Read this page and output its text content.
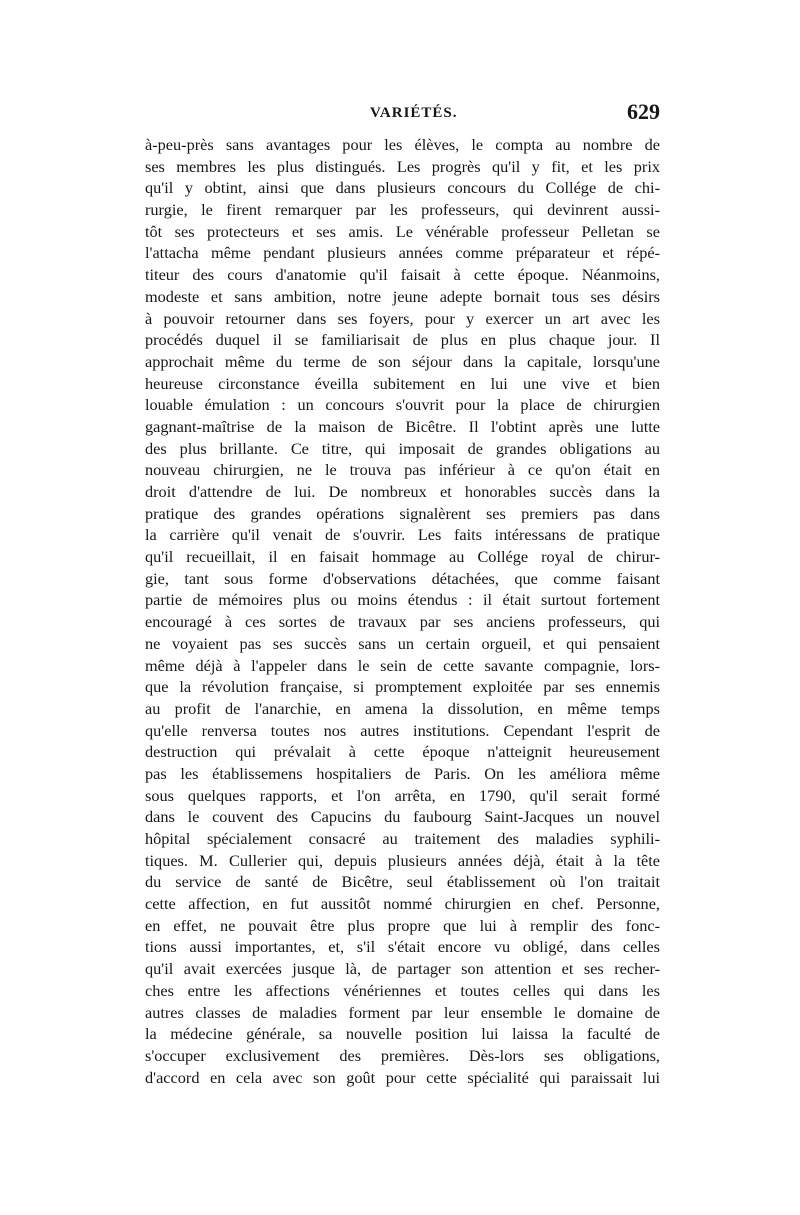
VARIÉTÉS.	629
à-peu-près sans avantages pour les élèves, le compta au nombre de
ses membres les plus distingués. Les progrès qu'il y fit, et les prix
qu'il y obtint, ainsi que dans plusieurs concours du Collége de chi-
rurgie, le firent remarquer par les professeurs, qui devinrent aussi-
tôt ses protecteurs et ses amis. Le vénérable professeur Pelletan se
l'attacha même pendant plusieurs années comme préparateur et répé-
titeur des cours d'anatomie qu'il faisait à cette époque. Néanmoins,
modeste et sans ambition, notre jeune adepte bornait tous ses désirs
à pouvoir retourner dans ses foyers, pour y exercer un art avec les
procédés duquel il se familiarisait de plus en plus chaque jour. Il
approchait même du terme de son séjour dans la capitale, lorsqu'une
heureuse circonstance éveilla subitement en lui une vive et bien
louable émulation : un concours s'ouvrit pour la place de chirurgien
gagnant-maîtrise de la maison de Bicêtre. Il l'obtint après une lutte
des plus brillante. Ce titre, qui imposait de grandes obligations au
nouveau chirurgien, ne le trouva pas inférieur à ce qu'on était en
droit d'attendre de lui. De nombreux et honorables succès dans la
pratique des grandes opérations signalèrent ses premiers pas dans
la carrière qu'il venait de s'ouvrir. Les faits intéressans de pratique
qu'il recueillait, il en faisait hommage au Collége royal de chirur-
gie, tant sous forme d'observations détachées, que comme faisant
partie de mémoires plus ou moins étendus : il était surtout fortement
encouragé à ces sortes de travaux par ses anciens professeurs, qui
ne voyaient pas ses succès sans un certain orgueil, et qui pensaient
même déjà à l'appeler dans le sein de cette savante compagnie, lors-
que la révolution française, si promptement exploitée par ses ennemis
au profit de l'anarchie, en amena la dissolution, en même temps
qu'elle renversa toutes nos autres institutions. Cependant l'esprit de
destruction qui prévalait à cette époque n'atteignit heureusement
pas les établissemens hospitaliers de Paris. On les améliora même
sous quelques rapports, et l'on arrêta, en 1790, qu'il serait formé
dans le couvent des Capucins du faubourg Saint-Jacques un nouvel
hôpital spécialement consacré au traitement des maladies syphili-
tiques. M. Cullerier qui, depuis plusieurs années déjà, était à la tête
du service de santé de Bicêtre, seul établissement où l'on traitait
cette affection, en fut aussitôt nommé chirurgien en chef. Personne,
en effet, ne pouvait être plus propre que lui à remplir des fonc-
tions aussi importantes, et, s'il s'était encore vu obligé, dans celles
qu'il avait exercées jusque là, de partager son attention et ses recher-
ches entre les affections vénériennes et toutes celles qui dans les
autres classes de maladies forment par leur ensemble le domaine de
la médecine générale, sa nouvelle position lui laissa la faculté de
s'occuper exclusivement des premières. Dès-lors ses obligations,
d'accord en cela avec son goût pour cette spécialité qui paraissait lui
